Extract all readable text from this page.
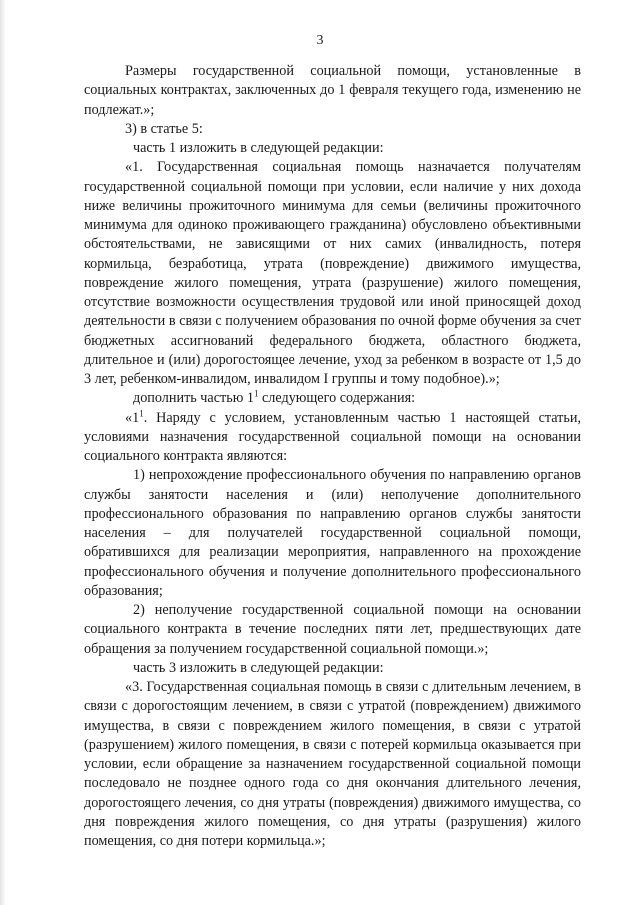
3

Размеры государственной социальной помощи, установленные в социальных контрактах, заключенных до 1 февраля текущего года, изменению не подлежат.»;

3) в статье 5:

часть 1 изложить в следующей редакции:

«1. Государственная социальная помощь назначается получателям государственной социальной помощи при условии, если наличие у них дохода ниже величины прожиточного минимума для семьи (величины прожиточного минимума для одиноко проживающего гражданина) обусловлено объективными обстоятельствами, не зависящими от них самих (инвалидность, потеря кормильца, безработица, утрата (повреждение) движимого имущества, повреждение жилого помещения, утрата (разрушение) жилого помещения, отсутствие возможности осуществления трудовой или иной приносящей доход деятельности в связи с получением образования по очной форме обучения за счет бюджетных ассигнований федерального бюджета, областного бюджета, длительное и (или) дорогостоящее лечение, уход за ребенком в возрасте от 1,5 до 3 лет, ребенком-инвалидом, инвалидом I группы и тому подобное).»;

дополнить частью $1^1$ следующего содержания:

«$1^1$. Наряду с условием, установленным частью 1 настоящей статьи, условиями назначения государственной социальной помощи на основании социального контракта являются:

1) непрохождение профессионального обучения по направлению органов службы занятости населения и (или) неполучение дополнительного профессионального образования по направлению органов службы занятости населения – для получателей государственной социальной помощи, обратившихся для реализации мероприятия, направленного на прохождение профессионального обучения и получение дополнительного профессионального образования;

2) неполучение государственной социальной помощи на основании социального контракта в течение последних пяти лет, предшествующих дате обращения за получением государственной социальной помощи.»;

часть 3 изложить в следующей редакции:

«3. Государственная социальная помощь в связи с длительным лечением, в связи с дорогостоящим лечением, в связи с утратой (повреждением) движимого имущества, в связи с повреждением жилого помещения, в связи с утратой (разрушением) жилого помещения, в связи с потерей кормильца оказывается при условии, если обращение за назначением государственной социальной помощи последовало не позднее одного года со дня окончания длительного лечения, дорогостоящего лечения, со дня утраты (повреждения) движимого имущества, со дня повреждения жилого помещения, со дня утраты (разрушения) жилого помещения, со дня потери кормильца.»;
